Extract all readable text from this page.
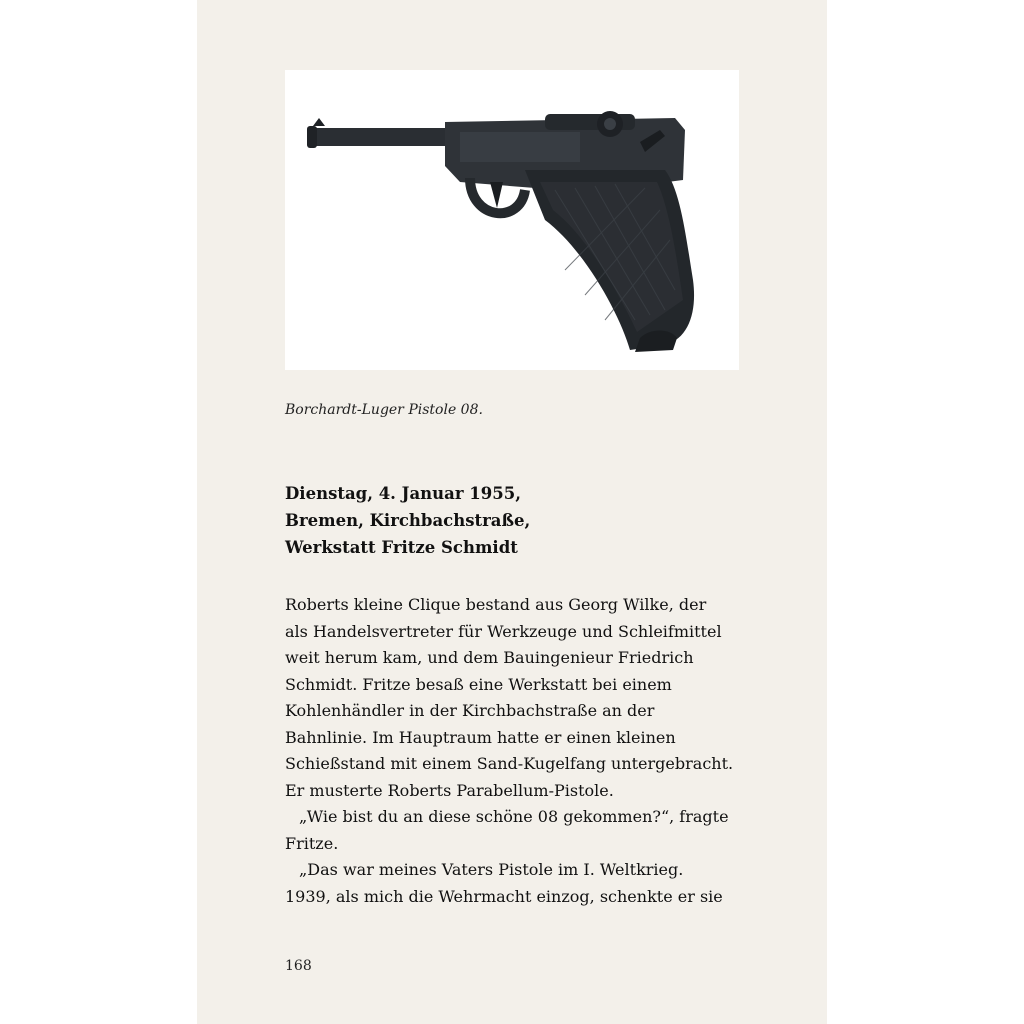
Borchardt-Luger Pistole 08.
Dienstag, 4. Januar 1955,
Bremen, Kirchbachstraße,
Werkstatt Fritze Schmidt
Roberts kleine Clique bestand aus Georg Wilke, der
als Handelsvertreter für Werkzeuge und Schleifmittel
weit herum kam, und dem Bauingenieur Friedrich
Schmidt. Fritze besaß eine Werkstatt bei einem
Kohlenhändler in der Kirchbachstraße an der
Bahnlinie. Im Hauptraum hatte er einen kleinen
Schießstand mit einem Sand-Kugelfang untergebracht.
Er musterte Roberts Parabellum-Pistole.
„Wie bist du an diese schöne 08 gekommen?“, fragte
Fritze.
„Das war meines Vaters Pistole im I. Weltkrieg.
1939, als mich die Wehrmacht einzog, schenkte er sie
168
